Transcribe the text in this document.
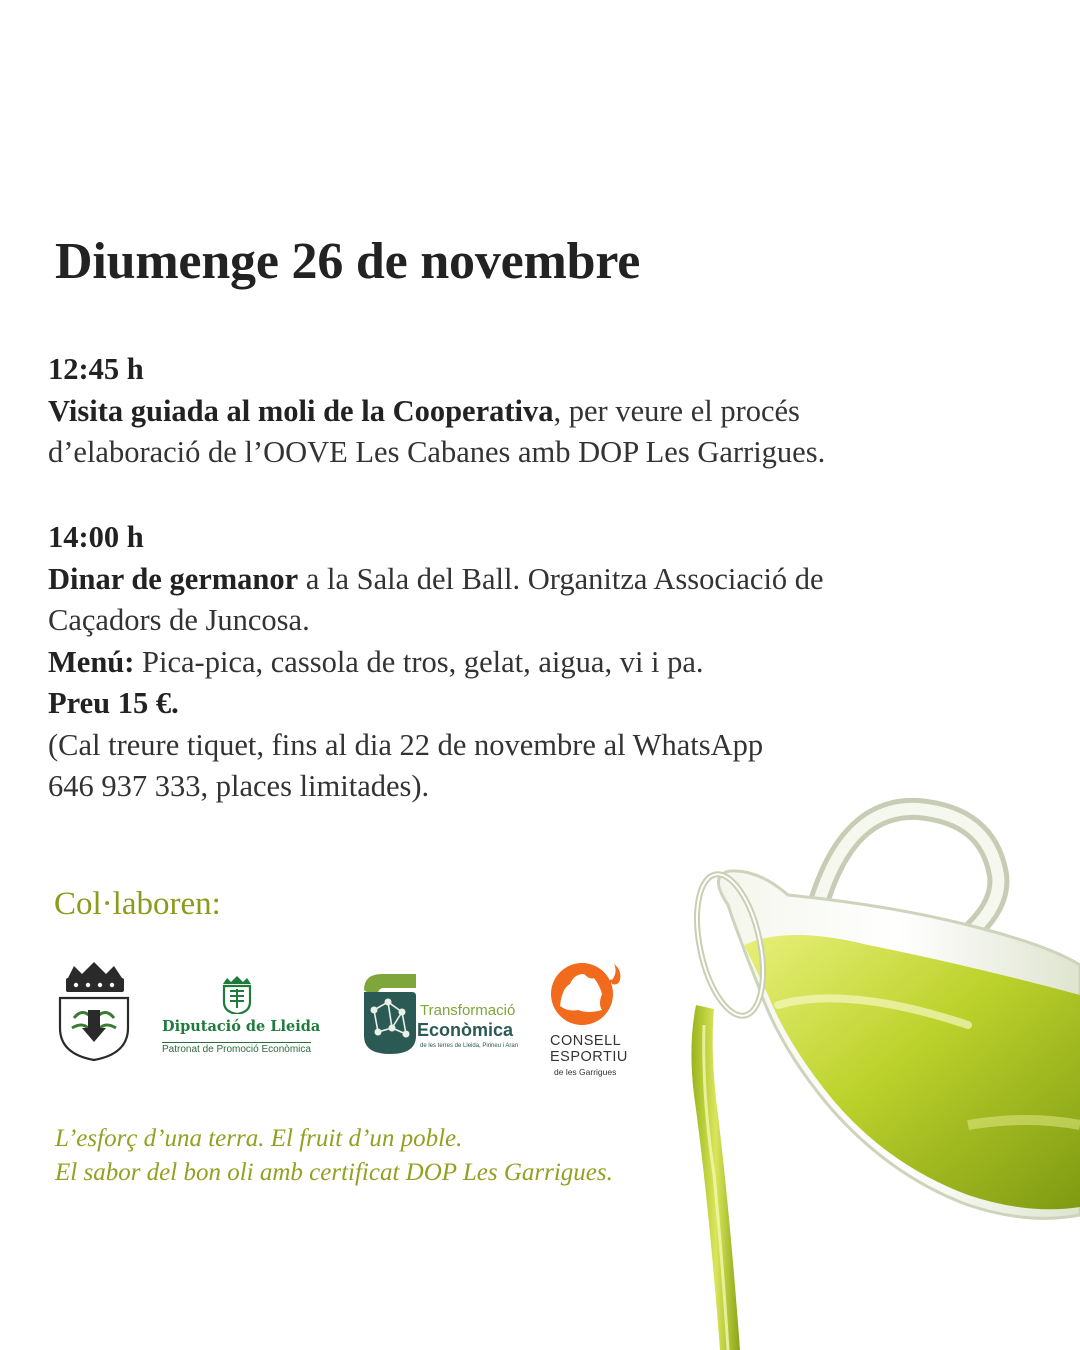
Diumenge 26 de novembre

12:45 h

Visita guiada al moli de la Cooperativa, per veure el procés

d’elaboració de l’OOVE Les Cabanes amb DOP Les Garrigues.

14:00 h

Dinar de germanor a la Sala del Ball. Organitza Associació de

Caçadors de Juncosa.

Menú: Pica-pica, cassola de tros, gelat, aigua, vi i pa.

Preu 15 €.

(Cal treure tiquet, fins al dia 22 de novembre al WhatsApp

646 937 333, places limitades).

Col·laboren:
Diputació de Lleida
Patronat de Promoció Econòmica
Transformació
Econòmica
de les terres de Lleida, Pirineu i Aran CONSELL
ESPORTIU
de les Garrigues

L’esforç d’una terra. El fruit d’un poble.

El sabor del bon oli amb certificat DOP Les Garrigues.
